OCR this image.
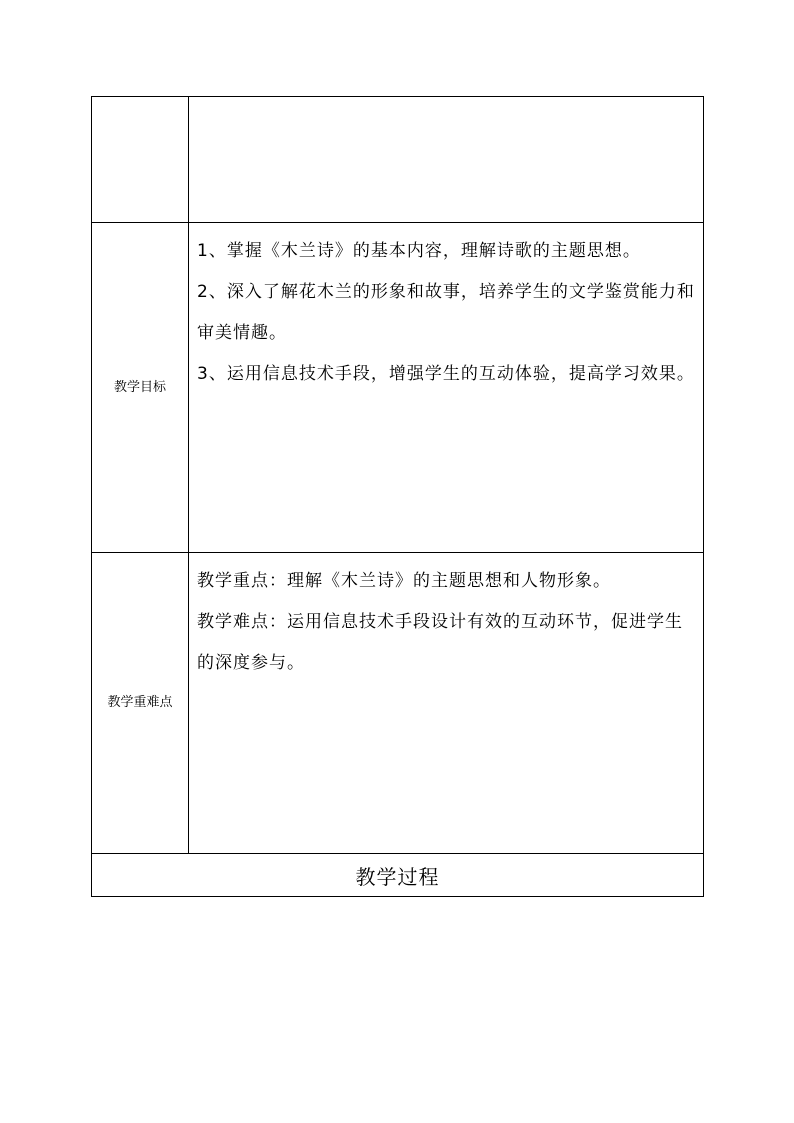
教学目标	1、掌握《木兰诗》的基本内容，理解诗歌的主题思想。

2、深入了解花木兰的形象和故事，培养学生的文学鉴赏能力和审美情趣。

3、运用信息技术手段，增强学生的互动体验，提高学习效果。

教学重难点	教学重点：理解《木兰诗》的主题思想和人物形象。

教学难点：运用信息技术手段设计有效的互动环节，促进学生的深度参与。

教学过程	
